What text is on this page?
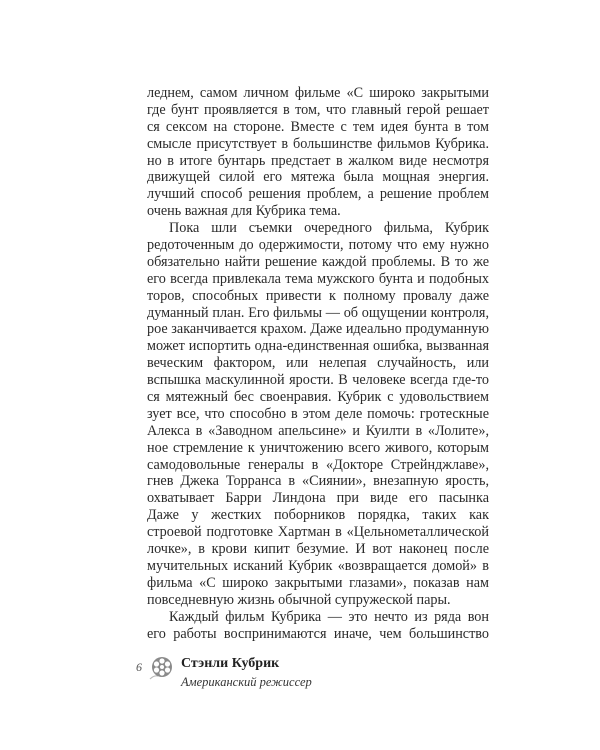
леднем, самом личном фильме «С широко закрытыми
где бунт проявляется в том, что главный герой решает
ся сексом на стороне. Вместе с тем идея бунта в том
смысле присутствует в большинстве фильмов Кубрика.
но в итоге бунтарь предстает в жалком виде несмотря
движущей силой его мятежа была мощная энергия.
лучший способ решения проблем, а решение проблем
очень важная для Кубрика тема.
Пока шли съемки очередного фильма, Кубрик
редоточенным до одержимости, потому что ему нужно
обязательно найти решение каждой проблемы. В то же
его всегда привлекала тема мужского бунта и подобных
торов, способных привести к полному провалу даже
думанный план. Его фильмы — об ощущении контроля,
рое заканчивается крахом. Даже идеально продуманную
может испортить одна-единственная ошибка, вызванная
веческим фактором, или нелепая случайность, или
вспышка маскулинной ярости. В человеке всегда где-то
ся мятежный бес своенравия. Кубрик с удовольствием
зует все, что способно в этом деле помочь: гротескные
Алекса в «Заводном апельсине» и Куилти в «Лолите»,
ное стремление к уничтожению всего живого, которым
самодовольные генералы в «Докторе Стрейнджлаве»,
гнев Джека Торранса в «Сиянии», внезапную ярость,
охватывает Барри Линдона при виде его пасынка
Даже у жестких поборников порядка, таких как
строевой подготовке Хартман в «Цельнометаллической
лочке», в крови кипит безумие. И вот наконец после
мучительных исканий Кубрик «возвращается домой» в
фильма «С широко закрытыми глазами», показав нам
повседневную жизнь обычной супружеской пары.
Каждый фильм Кубрика — это нечто из ряда вон
его работы воспринимаются иначе, чем большинство
6	Стэнли Кубрик
Американский режиссер
